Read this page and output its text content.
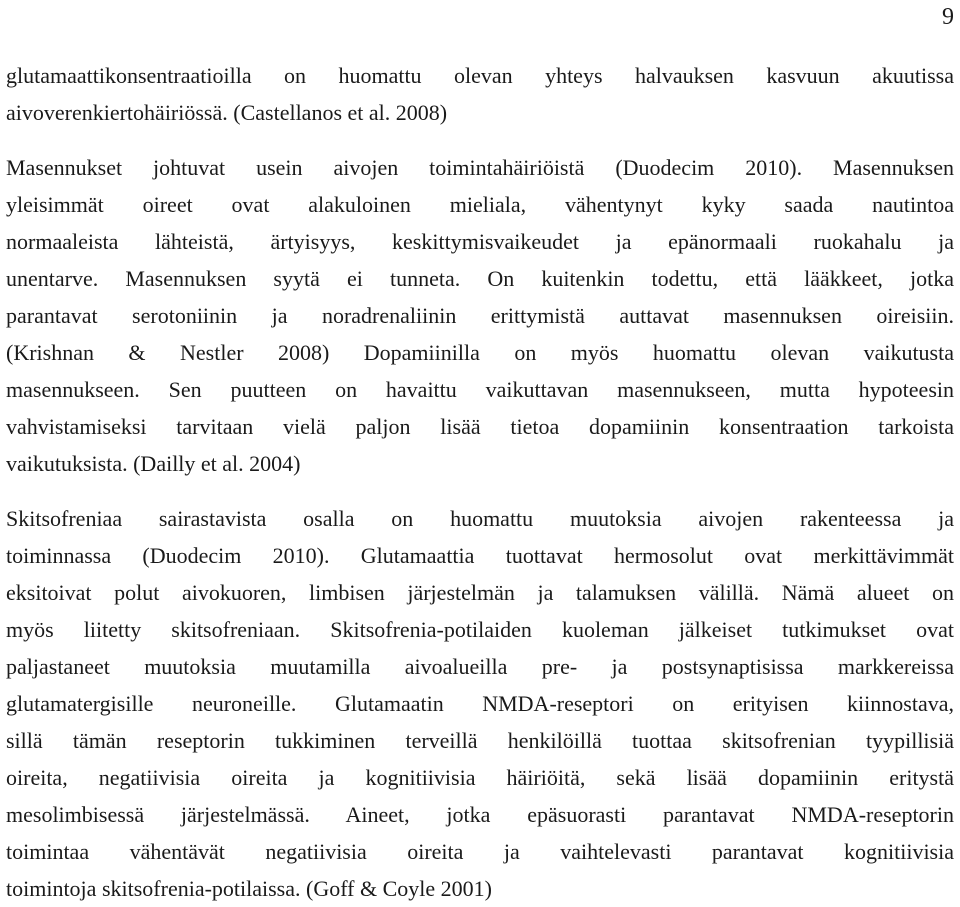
9
glutamaattikonsentraatioilla on huomattu olevan yhteys halvauksen kasvuun akuutissa
aivoverenkiertohäiriössä. (Castellanos et al. 2008)
Masennukset johtuvat usein aivojen toimintahäiriöistä (Duodecim 2010). Masennuksen
yleisimmät oireet ovat alakuloinen mieliala, vähentynyt kyky saada nautintoa
normaaleista lähteistä, ärtyisyys, keskittymisvaikeudet ja epänormaali ruokahalu ja
unentarve. Masennuksen syytä ei tunneta. On kuitenkin todettu, että lääkkeet, jotka
parantavat serotoniinin ja noradrenaliinin erittymistä auttavat masennuksen oireisiin.
(Krishnan & Nestler 2008) Dopamiinilla on myös huomattu olevan vaikutusta
masennukseen. Sen puutteen on havaittu vaikuttavan masennukseen, mutta hypoteesin
vahvistamiseksi tarvitaan vielä paljon lisää tietoa dopamiinin konsentraation tarkoista
vaikutuksista. (Dailly et al. 2004)
Skitsofreniaa sairastavista osalla on huomattu muutoksia aivojen rakenteessa ja
toiminnassa (Duodecim 2010). Glutamaattia tuottavat hermosolut ovat merkittävimmät
eksitoivat polut aivokuoren, limbisen järjestelmän ja talamuksen välillä. Nämä alueet on
myös liitetty skitsofreniaan. Skitsofrenia-potilaiden kuoleman jälkeiset tutkimukset ovat
paljastaneet muutoksia muutamilla aivoalueilla pre- ja postsynaptisissa markkereissa
glutamatergisille neuroneille. Glutamaatin NMDA-reseptori on erityisen kiinnostava,
sillä tämän reseptorin tukkiminen terveillä henkilöillä tuottaa skitsofrenian tyypillisiä
oireita, negatiivisia oireita ja kognitiivisia häiriöitä, sekä lisää dopamiinin eritystä
mesolimbisessä järjestelmässä. Aineet, jotka epäsuorasti parantavat NMDA-reseptorin
toimintaa vähentävät negatiivisia oireita ja vaihtelevasti parantavat kognitiivisia
toimintoja skitsofrenia-potilaissa. (Goff & Coyle 2001)
